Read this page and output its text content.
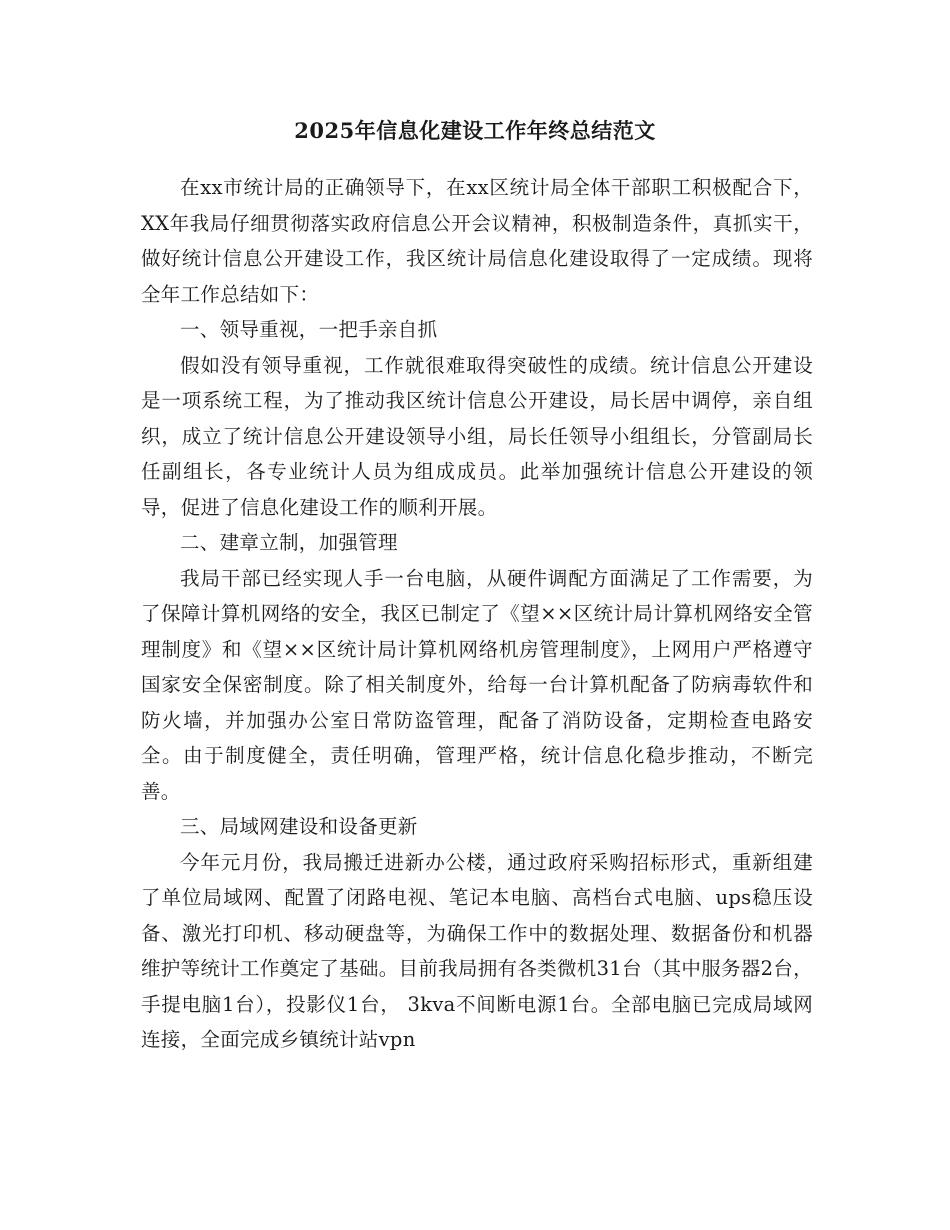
2025年信息化建设工作年终总结范文

在xx市统计局的正确领导下，在xx区统计局全体干部职工积极配合下，XX年我局仔细贯彻落实政府信息公开会议精神，积极制造条件，真抓实干，做好统计信息公开建设工作，我区统计局信息化建设取得了一定成绩。现将全年工作总结如下：

一、领导重视，一把手亲自抓

假如没有领导重视，工作就很难取得突破性的成绩。统计信息公开建设是一项系统工程，为了推动我区统计信息公开建设，局长居中调停，亲自组织，成立了统计信息公开建设领导小组，局长任领导小组组长，分管副局长任副组长，各专业统计人员为组成成员。此举加强统计信息公开建设的领导，促进了信息化建设工作的顺利开展。

二、建章立制，加强管理

我局干部已经实现人手一台电脑，从硬件调配方面满足了工作需要，为了保障计算机网络的安全，我区已制定了《望××区统计局计算机网络安全管理制度》和《望××区统计局计算机网络机房管理制度》，上网用户严格遵守国家安全保密制度。除了相关制度外，给每一台计算机配备了防病毒软件和防火墙，并加强办公室日常防盗管理，配备了消防设备，定期检查电路安全。由于制度健全，责任明确，管理严格，统计信息化稳步推动，不断完善。

三、局域网建设和设备更新

今年元月份，我局搬迁进新办公楼，通过政府采购招标形式，重新组建了单位局域网、配置了闭路电视、笔记本电脑、高档台式电脑、ups稳压设备、激光打印机、移动硬盘等，为确保工作中的数据处理、数据备份和机器维护等统计工作奠定了基础。目前我局拥有各类微机31台（其中服务器2台，手提电脑1台），投影仪1台， 3kva不间断电源1台。全部电脑已完成局域网连接，全面完成乡镇统计站vpn
